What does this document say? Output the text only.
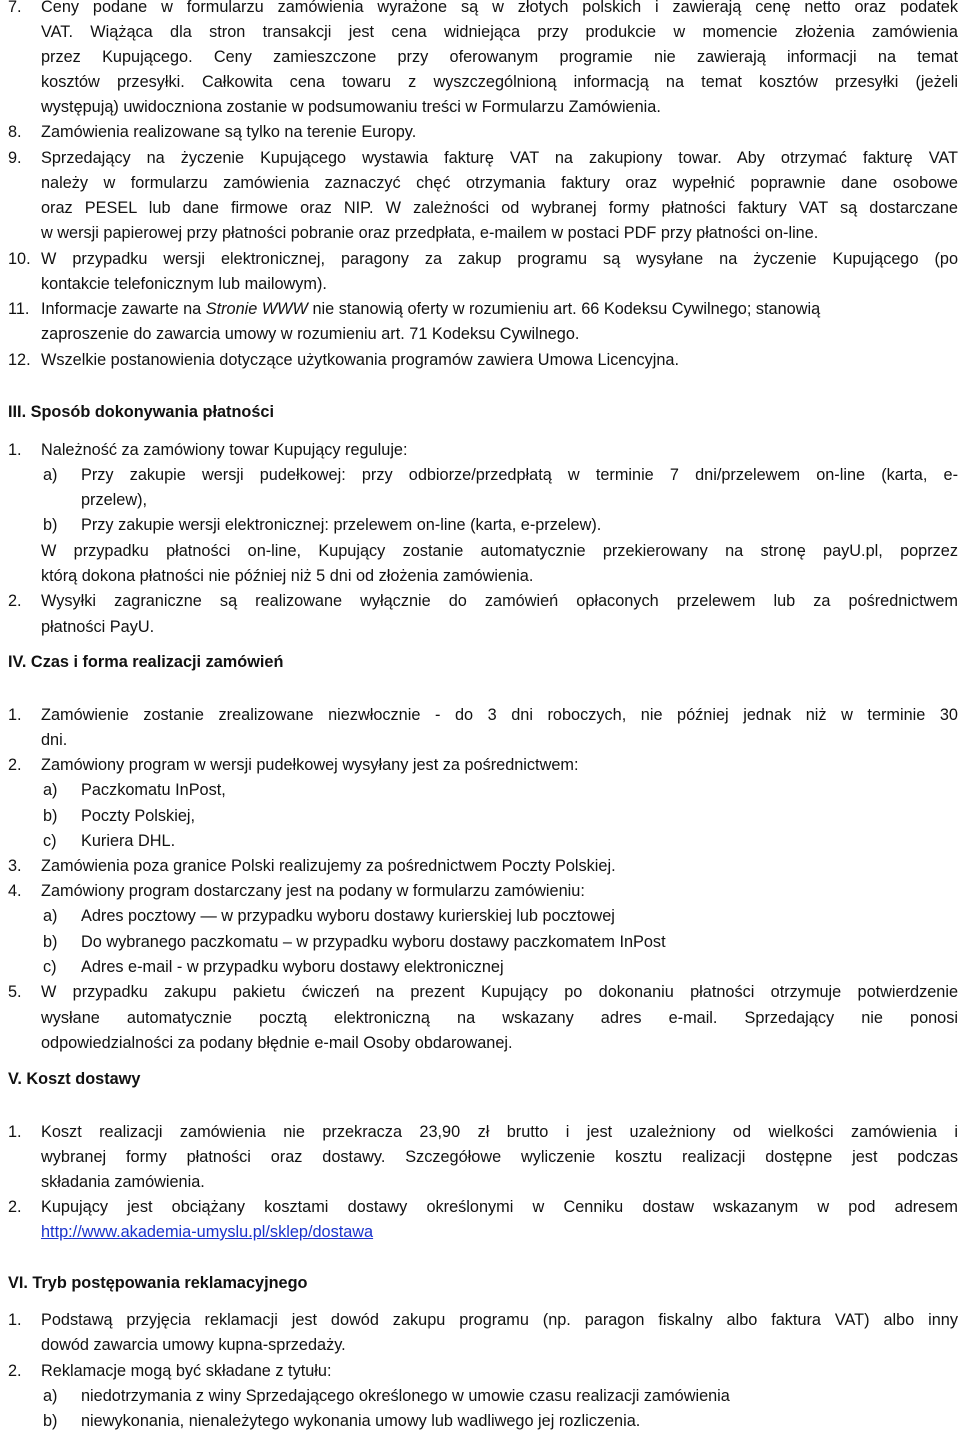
7. Ceny podane w formularzu zamówienia wyrażone są w złotych polskich i zawierają cenę netto oraz podatek
VAT. Wiążąca dla stron transakcji jest cena widniejąca przy produkcie w momencie złożenia zamówienia
przez Kupującego. Ceny zamieszczone przy oferowanym programie nie zawierają informacji na temat
kosztów przesyłki. Całkowita cena towaru z wyszczególnioną informacją na temat kosztów przesyłki (jeżeli
występują) uwidoczniona zostanie w podsumowaniu treści w Formularzu Zamówienia.
8. Zamówienia realizowane są tylko na terenie Europy.
9. Sprzedający na życzenie Kupującego wystawia fakturę VAT na zakupiony towar. Aby otrzymać fakturę VAT
należy w formularzu zamówienia zaznaczyć chęć otrzymania faktury oraz wypełnić poprawnie dane osobowe
oraz PESEL lub dane firmowe oraz NIP. W zależności od wybranej formy płatności faktury VAT są dostarczane
w wersji papierowej przy płatności pobranie oraz przedpłata, e-mailem w postaci PDF przy płatności on-line.
10. W przypadku wersji elektronicznej, paragony za zakup programu są wysyłane na życzenie Kupującego (po
kontakcie telefonicznym lub mailowym).
11. Informacje zawarte na Stronie WWW nie stanowią oferty w rozumieniu art. 66 Kodeksu Cywilnego; stanowią
zaproszenie do zawarcia umowy w rozumieniu art. 71 Kodeksu Cywilnego.
12. Wszelkie postanowienia dotyczące użytkowania programów zawiera Umowa Licencyjna.
III. Sposób dokonywania płatności
1. Należność za zamówiony towar Kupujący reguluje:
a) Przy zakupie wersji pudełkowej: przy odbiorze/przedpłatą w terminie 7 dni/przelewem on-line (karta, e-
przelew),
b) Przy zakupie wersji elektronicznej: przelewem on-line (karta, e-przelew).
W przypadku płatności on-line, Kupujący zostanie automatycznie przekierowany na stronę payU.pl, poprzez
którą dokona płatności nie później niż 5 dni od złożenia zamówienia.
2. Wysyłki zagraniczne są realizowane wyłącznie do zamówień opłaconych przelewem lub za pośrednictwem
płatności PayU.
IV. Czas i forma realizacji zamówień
1. Zamówienie zostanie zrealizowane niezwłocznie - do 3 dni roboczych, nie później jednak niż w terminie 30
dni.
2. Zamówiony program w wersji pudełkowej wysyłany jest za pośrednictwem:
a) Paczkomatu InPost,
b) Poczty Polskiej,
c) Kuriera DHL.
3. Zamówienia poza granice Polski realizujemy za pośrednictwem Poczty Polskiej.
4. Zamówiony program dostarczany jest na podany w formularzu zamówieniu:
a) Adres pocztowy — w przypadku wyboru dostawy kurierskiej lub pocztowej
b) Do wybranego paczkomatu – w przypadku wyboru dostawy paczkomatem InPost
c) Adres e-mail - w przypadku wyboru dostawy elektronicznej
5. W przypadku zakupu pakietu ćwiczeń na prezent Kupujący po dokonaniu płatności otrzymuje potwierdzenie
wysłane automatycznie pocztą elektroniczną na wskazany adres e-mail. Sprzedający nie ponosi
odpowiedzialności za podany błędnie e-mail Osoby obdarowanej.
V. Koszt dostawy
1. Koszt realizacji zamówienia nie przekracza 23,90 zł brutto i jest uzależniony od wielkości zamówienia i
wybranej formy płatności oraz dostawy. Szczegółowe wyliczenie kosztu realizacji dostępne jest podczas
składania zamówienia.
2. Kupujący jest obciążany kosztami dostawy określonymi w Cenniku dostaw wskazanym w pod adresem
http://www.akademia-umyslu.pl/sklep/dostawa
VI. Tryb postępowania reklamacyjnego
1. Podstawą przyjęcia reklamacji jest dowód zakupu programu (np. paragon fiskalny albo faktura VAT) albo inny
dowód zawarcia umowy kupna-sprzedaży.
2. Reklamacje mogą być składane z tytułu:
a) niedotrzymania z winy Sprzedającego określonego w umowie czasu realizacji zamówienia
b) niewykonania, nienależytego wykonania umowy lub wadliwego jej rozliczenia.
